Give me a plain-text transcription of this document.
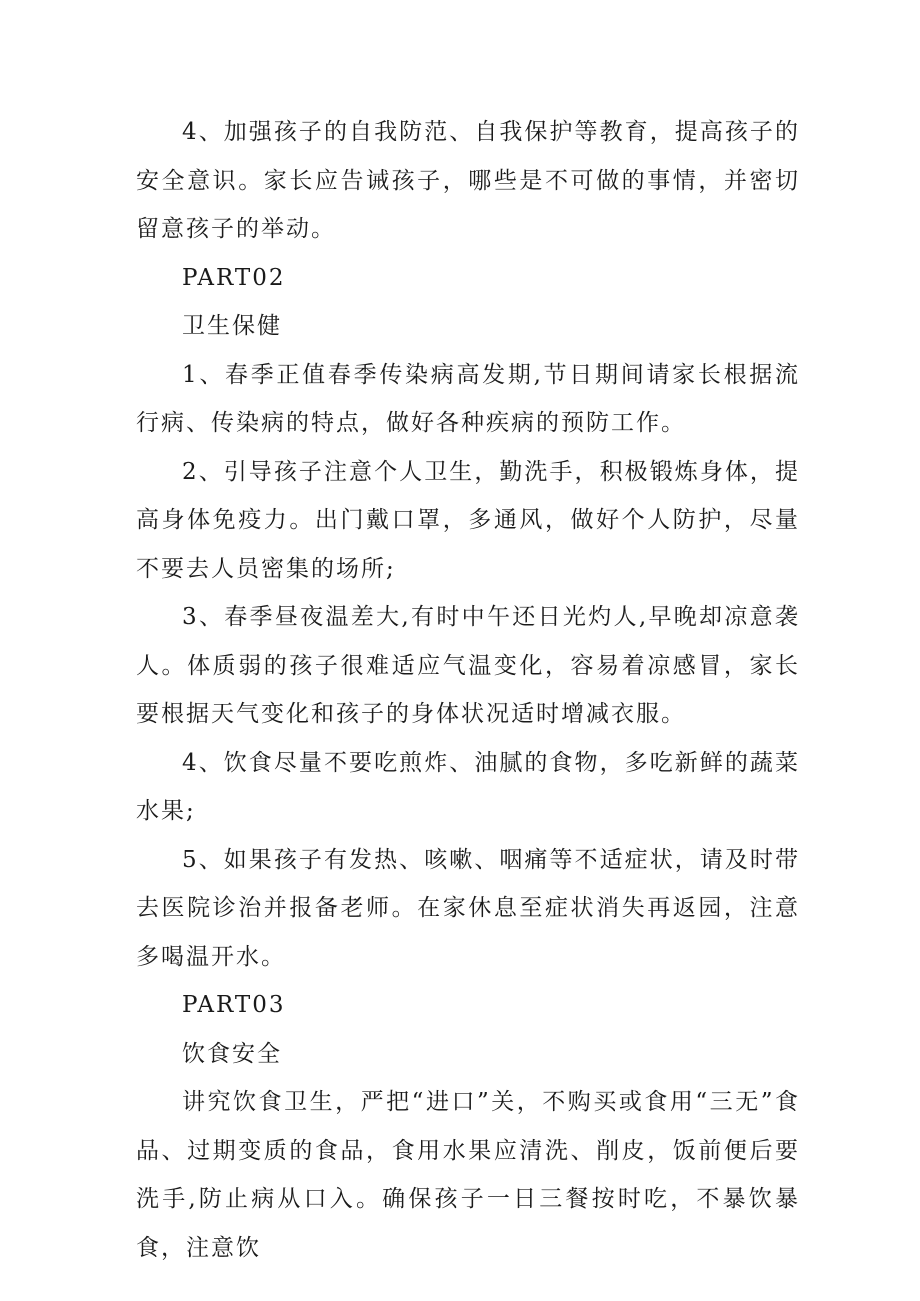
4、加强孩子的自我防范、自我保护等教育，提高孩子的安全意识。家长应告诫孩子，哪些是不可做的事情，并密切留意孩子的举动。

PART02

卫生保健

1、春季正值春季传染病高发期,节日期间请家长根据流行病、传染病的特点，做好各种疾病的预防工作。

2、引导孩子注意个人卫生，勤洗手，积极锻炼身体，提高身体免疫力。出门戴口罩，多通风，做好个人防护，尽量不要去人员密集的场所;

3、春季昼夜温差大,有时中午还日光灼人,早晚却凉意袭人。体质弱的孩子很难适应气温变化，容易着凉感冒，家长要根据天气变化和孩子的身体状况适时增减衣服。

4、饮食尽量不要吃煎炸、油腻的食物，多吃新鲜的蔬菜水果;

5、如果孩子有发热、咳嗽、咽痛等不适症状，请及时带去医院诊治并报备老师。在家休息至症状消失再返园，注意多喝温开水。

PART03

饮食安全

讲究饮食卫生，严把“进口”关，不购买或食用“三无”食品、过期变质的食品，食用水果应清洗、削皮，饭前便后要洗手,防止病从口入。确保孩子一日三餐按时吃，不暴饮暴食，注意饮
